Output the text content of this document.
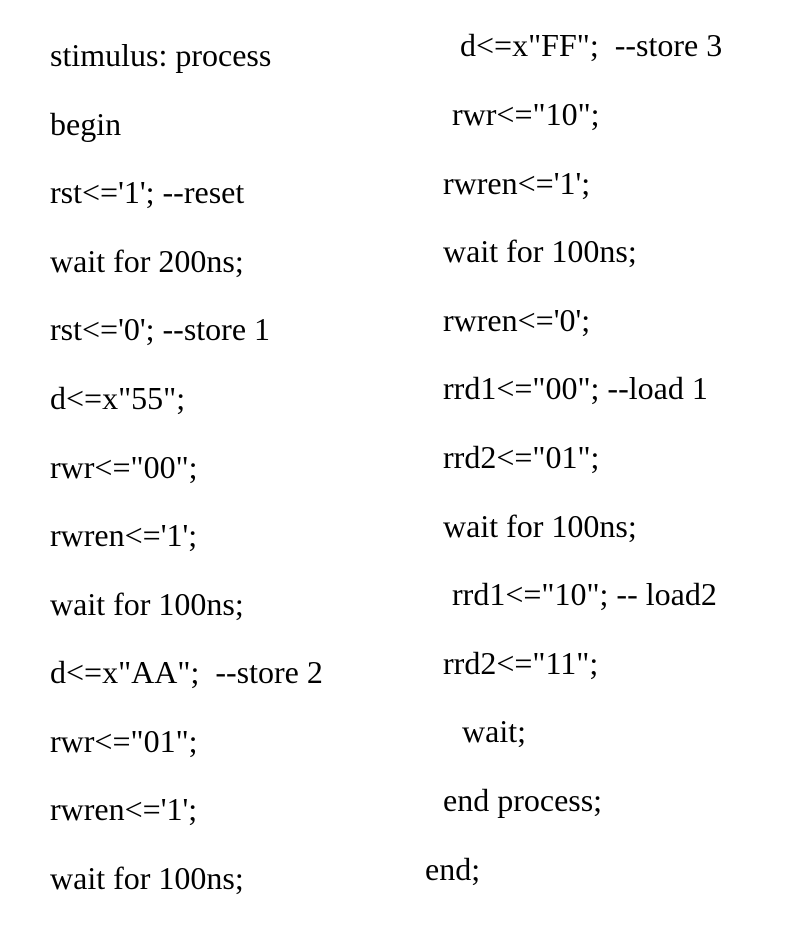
stimulus: process
begin
rst<='1'; --reset
wait for 200ns;
rst<='0'; --store 1
d<=x"55";
rwr<="00";
rwren<='1';
wait for 100ns;
d<=x"AA";  --store 2
rwr<="01";
rwren<='1';
wait for 100ns;
d<=x"FF";  --store 3
rwr<="10";
rwren<='1';
wait for 100ns;
rwren<='0';
rrd1<="00"; --load 1
rrd2<="01";
wait for 100ns;
rrd1<="10"; -- load2
rrd2<="11";
wait;
end process;
end;
